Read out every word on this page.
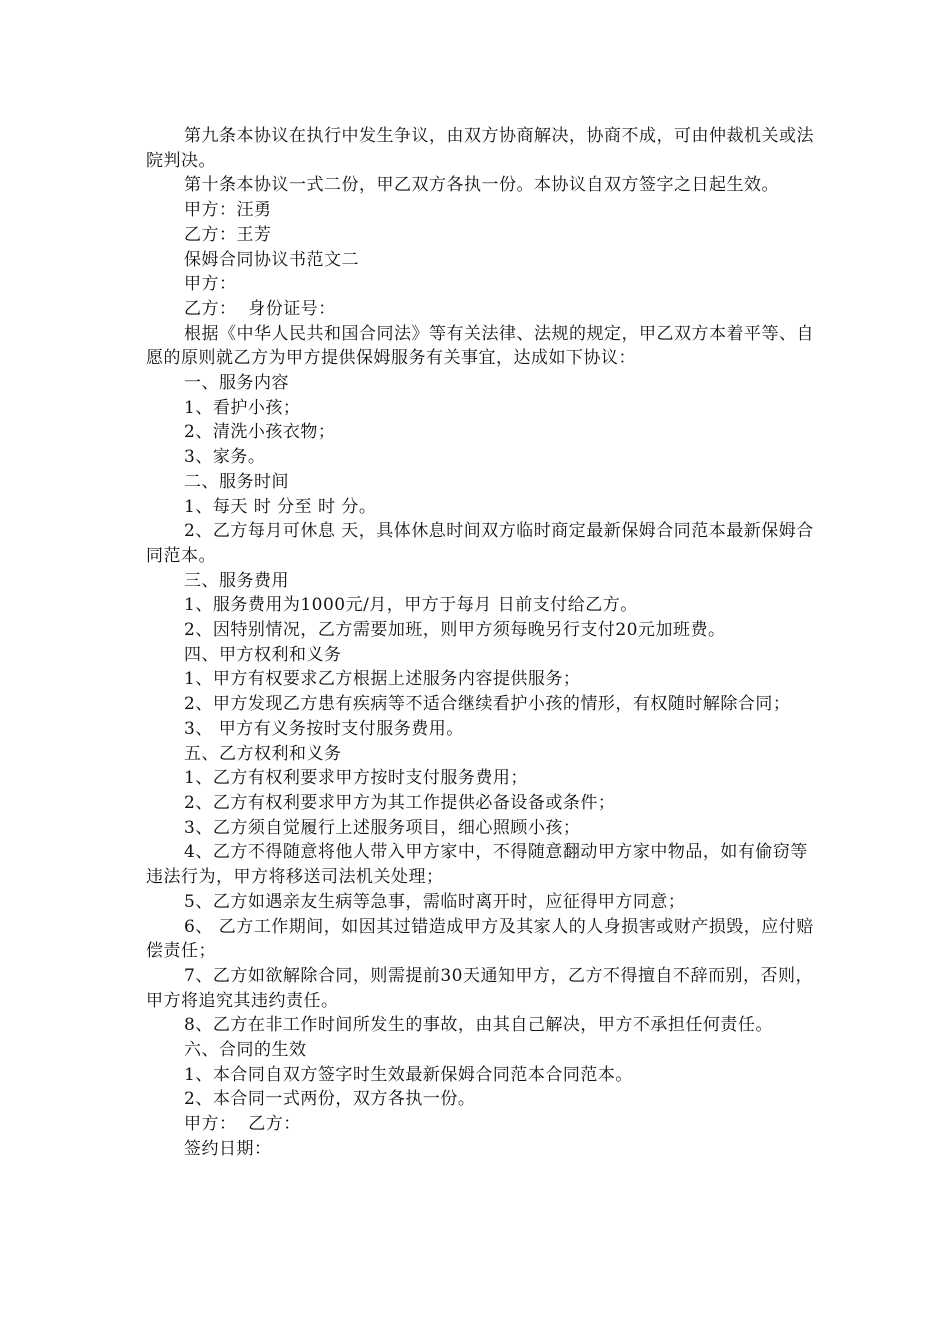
第九条本协议在执行中发生争议，由双方协商解决，协商不成，可由仲裁机关或法院判决。

第十条本协议一式二份，甲乙双方各执一份。本协议自双方签字之日起生效。

甲方：汪勇

乙方：王芳

保姆合同协议书范文二

甲方：

乙方：  身份证号：

根据《中华人民共和国合同法》等有关法律、法规的规定，甲乙双方本着平等、自愿的原则就乙方为甲方提供保姆服务有关事宜，达成如下协议：

一、服务内容

1、看护小孩；

2、清洗小孩衣物；

3、家务。

二、服务时间

1、每天 时 分至 时 分。

2、乙方每月可休息 天，具体休息时间双方临时商定最新保姆合同范本最新保姆合同范本。

三、服务费用

1、服务费用为1000元/月，甲方于每月 日前支付给乙方。

2、因特别情况，乙方需要加班，则甲方须每晚另行支付20元加班费。

四、甲方权利和义务

1、甲方有权要求乙方根据上述服务内容提供服务；

2、甲方发现乙方患有疾病等不适合继续看护小孩的情形，有权随时解除合同；

3、 甲方有义务按时支付服务费用。

五、乙方权利和义务

1、乙方有权利要求甲方按时支付服务费用；

2、乙方有权利要求甲方为其工作提供必备设备或条件；

3、乙方须自觉履行上述服务项目，细心照顾小孩；

4、乙方不得随意将他人带入甲方家中，不得随意翻动甲方家中物品，如有偷窃等违法行为，甲方将移送司法机关处理；

5、乙方如遇亲友生病等急事，需临时离开时，应征得甲方同意；

6、 乙方工作期间，如因其过错造成甲方及其家人的人身损害或财产损毁，应付赔偿责任；

7、乙方如欲解除合同，则需提前30天通知甲方，乙方不得擅自不辞而别，否则，甲方将追究其违约责任。

8、乙方在非工作时间所发生的事故，由其自己解决，甲方不承担任何责任。

六、合同的生效

1、本合同自双方签字时生效最新保姆合同范本合同范本。

2、本合同一式两份，双方各执一份。

甲方：  乙方：

签约日期：
